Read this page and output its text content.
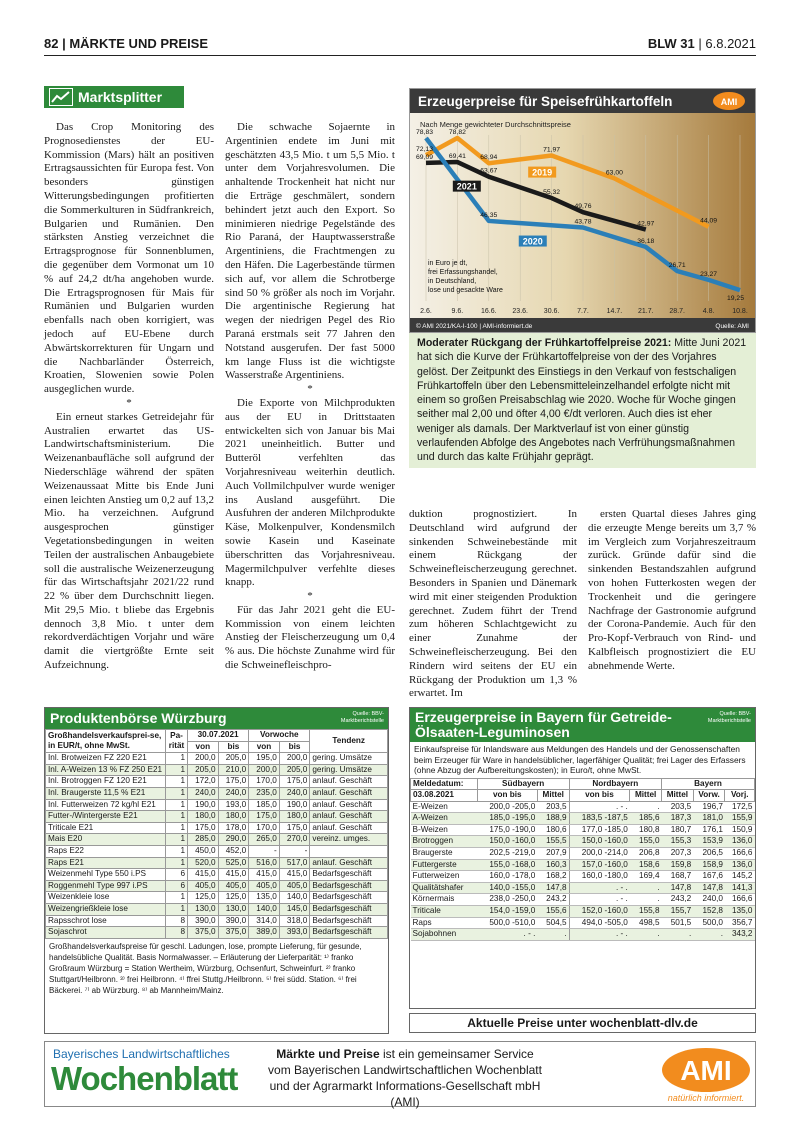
82 | MÄRKTE UND PREISE	BLW 31 | 6.8.2021
Marktsplitter

Das Crop Monitoring des Prognosedienstes der EU-Kommission (Mars) hält an positiven Ertragsaussichten für Europa fest. Von besonders günstigen Witterungsbedingungen profitierten die Sommerkulturen in Südfrankreich, Bulgarien und Rumänien. Den stärksten Anstieg verzeichnet die Ertragsprognose für Sonnenblumen, die gegenüber dem Vormonat um 10 % auf 24,2 dt/ha angehoben wurde. Die Ertragsprognosen für Mais für Rumänien und Bulgarien wurden ebenfalls nach oben korrigiert, was jedoch auf EU-Ebene durch Abwärtskorrekturen für Ungarn und die Nachbarländer Österreich, Kroatien, Slowenien sowie Polen ausgeglichen wurde.

*

Ein erneut starkes Getreidejahr für Australien erwartet das US-Landwirtschaftsministerium. Die Weizenanbaufläche soll aufgrund der Niederschläge während der späten Weizenaussaat Mitte bis Ende Juni einen leichten Anstieg um 0,2 auf 13,2 Mio. ha verzeichnen. Aufgrund ausgesprochen günstiger Vegetationsbedingungen in weiten Teilen der australischen Anbaugebiete soll die australische Weizenerzeugung für das Wirtschaftsjahr 2021/22 rund 22 % über dem Durchschnitt liegen. Mit 29,5 Mio. t bliebe das Ergebnis dennoch 3,8 Mio. t unter dem rekordverdächtigen Vorjahr und wäre damit die viertgrößte Ernte seit Aufzeichnung.

Die schwache Sojaernte in Argentinien endete im Juni mit geschätzten 43,5 Mio. t um 5,5 Mio. t unter dem Vorjahresvolumen. Die anhaltende Trockenheit hat nicht nur die Erträge geschmälert, sondern behindert jetzt auch den Export. So minimieren niedrige Pegelstände des Rio Paraná, der Hauptwasserstraße Argentiniens, die Frachtmengen zu den Häfen. Die Lagerbestände türmen sich auf, vor allem die Schrotberge sind 50 % größer als noch im Vorjahr. Die argentinische Regierung hat wegen der niedrigen Pegel des Rio Paraná erstmals seit 77 Jahren den Notstand ausgerufen. Der fast 5000 km lange Fluss ist die wichtigste Wasserstraße Argentiniens.

*

Die Exporte von Milchprodukten aus der EU in Drittstaaten entwickelten sich von Januar bis Mai 2021 uneinheitlich. Butter und Butteröl verfehlten das Vorjahresniveau weiterhin deutlich. Auch Vollmilchpulver wurde weniger ins Ausland ausgeführt. Die Ausfuhren der anderen Milchprodukte Käse, Molkenpulver, Kondensmilch sowie Kasein und Kaseinate überschritten das Vorjahresniveau. Magermilchpulver verfehlte dieses knapp.

*

Für das Jahr 2021 geht die EU-Kommission von einem leichten Anstieg der Fleischerzeugung um 0,4 % aus. Die höchste Zunahme wird für die Schweinefleischpro-

duktion prognostiziert. In Deutschland wird aufgrund der sinkenden Schweinebestände mit einem Rückgang der Schweinefleischerzeugung gerechnet. Besonders in Spanien und Dänemark wird mit einer steigenden Produktion gerechnet. Zudem führt der Trend zum höheren Schlachtgewicht zu einer Zunahme der Schweinefleischerzeugung. Bei den Rindern wird seitens der EU ein Rückgang der Produktion um 1,3 % erwartet. Im

ersten Quartal dieses Jahres ging die erzeugte Menge bereits um 3,7 % im Vergleich zum Vorjahreszeitraum zurück. Gründe dafür sind die sinkenden Bestandszahlen aufgrund von hohen Futterkosten wegen der Trockenheit und die geringere Nachfrage der Gastronomie aufgrund der Corona-Pandemie. Auch für den Pro-Kopf-Verbrauch von Rind- und Kalbfleisch prognostiziert die EU abnehmende Werte.

Erzeugerpreise für Speisefrühkartoffeln	AMI
Nach Menge gewichteter Durchschnittspreise
2.6.	9.6.	16.6. 23.6. 30.6.	7.7.	14.7. 21.7. 28.7.	4.8.	10.8.
2021
2019
2020
78,83 78,82
72,13
69,09 69,41
63,67
68,94
71,97
63,00
55,32
49,76
46,35
43,78	42,97	44,09
36,18
26,71
23,27
19,25
in Euro je dt,
frei Erfassungshandel,
in Deutschland,
lose und gesackte Ware
© AMI 2021/KA-I-100 | AMI-informiert.de	Quelle: AMI
Moderater Rückgang der Frühkartoffelpreise 2021: Mitte Juni 2021 hat sich die Kurve der Frühkartoffelpreise von der des Vorjahres gelöst. Der Zeitpunkt des Einstiegs in den Verkauf von festschaligen Frühkartoffeln über den Lebensmitteleinzelhandel erfolgte nicht mit einem so großen Preisabschlag wie 2020. Woche für Woche gingen seither mal 2,00 und öfter 4,00 €/dt verloren. Auch dies ist eher weniger als damals. Der Marktverlauf ist von einer günstig verlaufenden Abfolge des Angebotes nach Verfrühungsmaßnahmen und durch das kalte Frühjahr geprägt.
Produktenbörse Würzburg	Quelle: BBV-Marktberichtstelle
Großhandelsverkaufsprei-se, in EUR/t, ohne MwSt.	Pa-rität	30.07.2021		Vorwoche		Tendenz
		von	bis	von	bis	
Inl. Brotweizen FZ 220 E21	1	200,0	205,0	195,0	200,0	gering. Umsätze
Inl. A-Weizen 13 % FZ 250 E21	1	205,0	210,0	200,0	205,0	gering. Umsätze
Inl. Brotroggen FZ 120 E21	1	172,0	175,0	170,0	175,0	anlauf. Geschäft
Inl. Braugerste 11,5 % E21	1	240,0	240,0	235,0	240,0	anlauf. Geschäft
Inl. Futterweizen 72 kg/hl E21	1	190,0	193,0	185,0	190,0	anlauf. Geschäft
Futter-/Wintergerste E21	1	180,0	180,0	175,0	180,0	anlauf. Geschäft
Triticale E21	1	175,0	178,0	170,0	175,0	anlauf. Geschäft
Mais E20	1	285,0	290,0	265,0	270,0	vereinz. umges.
Raps E22	1	450,0	452,0	-	-	
Raps E21	1	520,0	525,0	516,0	517,0	anlauf. Geschäft
Weizenmehl Type 550 i.PS	6	415,0	415,0	415,0	415,0	Bedarfsgeschäft
Roggenmehl Type 997 i.PS	6	405,0	405,0	405,0	405,0	Bedarfsgeschäft
Weizenkleie lose	1	125,0	125,0	135,0	140,0	Bedarfsgeschäft
Weizengrießkleie lose	1	130,0	130,0	140,0	145,0	Bedarfsgeschäft
Rapsschrot lose	8	390,0	390,0	314,0	318,0	Bedarfsgeschäft
Sojaschrot	8	375,0	375,0	389,0	393,0	Bedarfsgeschäft
Großhandelsverkaufspreise für geschl. Ladungen, lose, prompte Lieferung, für gesunde, handelsübliche Qualität. Basis Normalwasser. – Erläuterung der Lieferparität: ¹⁾ franko Großraum Würzburg = Station Wertheim, Würzburg, Ochsenfurt, Schweinfurt. ²⁾ franko Stuttgart/Heilbronn. ³⁾ frei Heilbronn. ⁴⁾ ffrei Stuttg./Heilbronn. ⁵⁾ frei südd. Station. ⁶⁾ frei Bäckerei. ⁷⁾ ab Würzburg. ⁸⁾ ab Mannheim/Mainz.
Erzeugerpreise in Bayern für Getreide-Ölsaaten-Leguminosen
Quelle: BBV-Marktberichtstelle
Einkaufspreise für Inlandsware aus Meldungen des Handels und der Genossenschaften beim Erzeuger für Ware in handelsüblicher, lagerfähiger Qualität; frei Lager des Erfassers (ohne Abzug der Aufbereitungskosten); in Euro/t, ohne MwSt.
Meldedatum:	Südbayern		Nordbayern		Bayern		
03.08.2021	von bis	Mittel	von bis	Mittel	Mittel	Vorw.	Vorj.
E-Weizen	200,0 -205,0	203,5	. - .	.	203,5	196,7	172,5
A-Weizen	185,0 -195,0	188,9	183,5 -187,5	185,6	187,3	181,0	155,9
B-Weizen	175,0 -190,0	180,6	177,0 -185,0	180,8	180,7	176,1	150,9
Brotroggen	150,0 -160,0	155,5	150,0 -160,0	155,0	155,3	153,9	136,0
Braugerste	202,5 -219,0	207,9	200,0 -214,0	206,8	207,3	206,5	166,6
Futtergerste	155,0 -168,0	160,3	157,0 -160,0	158,6	159,8	158,9	136,0
Futterweizen	160,0 -178,0	168,2	160,0 -180,0	169,4	168,7	167,6	145,2
Qualitätshafer	140,0 -155,0	147,8	. - .	.	147,8	147,8	141,3
Körnermais	238,0 -250,0	243,2	. - .	.	243,2	240,0	166,6
Triticale	154,0 -159,0	155,6	152,0 -160,0	155,8	155,7	152,8	135,0
Raps	500,0 -510,0	504,5	494,0 -505,0	498,5	501,5	500,0	356,7
Sojabohnen	. - .	.	. - .	.	.	.	343,2
Aktuelle Preise unter wochenblatt-dlv.de
Bayerisches Landwirtschaftliches
Wochenblatt
Märkte und Preise ist ein gemeinsamer Service vom Bayerischen Landwirtschaftlichen Wochenblatt und der Agrarmarkt Informations-Gesellschaft mbH (AMI)
AMI
natürlich informiert.
